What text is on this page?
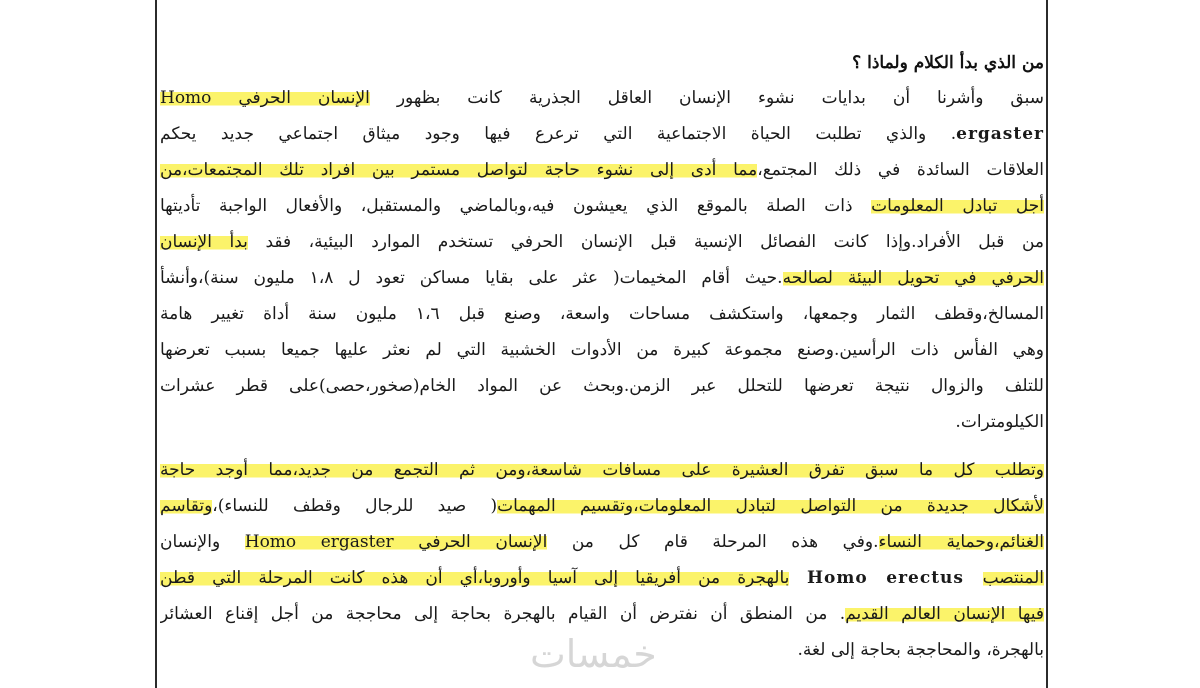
من الذي بدأ الكلام ولماذا ؟
سبق وأشرنا أن بدايات نشوء الإنسان العاقل الجذرية كانت بظهور الإنسان الحرفي Homo
ergaster. والذي تطلبت الحياة الاجتماعية التي ترعرع فيها وجود ميثاق اجتماعي جديد يحكم
العلاقات السائدة في ذلك المجتمع،مما أدى إلى نشوء حاجة لتواصل مستمر بين افراد تلك المجتمعات،من
أجل تبادل المعلومات ذات الصلة بالموقع الذي يعيشون فيه،وبالماضي والمستقبل، والأفعال الواجبة تأديتها
من قبل الأفراد.وإذا كانت الفصائل الإنسية قبل الإنسان الحرفي تستخدم الموارد البيئية، فقد بدأ الإنسان
الحرفي في تحويل البيئة لصالحه.حيث أقام المخيمات( عثر على بقايا مساكن تعود ل ١،٨ مليون سنة)،وأنشأ
المسالخ،وقطف الثمار وجمعها، واستكشف مساحات واسعة، وصنع قبل ١،٦ مليون سنة أداة تغيير هامة
وهي الفأس ذات الرأسين.وصنع مجموعة كبيرة من الأدوات الخشبية التي لم نعثر عليها جميعا بسبب تعرضها
للتلف والزوال نتيجة تعرضها للتحلل عبر الزمن.وبحث عن المواد الخام(صخور،حصى)على قطر عشرات
الكيلومترات.
وتطلب كل ما سبق تفرق العشيرة على مسافات شاسعة،ومن ثم التجمع من جديد،مما أوجد حاجة
لأشكال جديدة من التواصل لتبادل المعلومات،وتقسيم المهمات( صيد للرجال وقطف للنساء)،وتقاسم
الغنائم،وحماية النساء.وفي هذه المرحلة قام كل من الإنسان الحرفي Homo ergaster والإنسان
المنتصب Homo erectus بالهجرة من أفريقيا إلى آسيا وأوروبا،أي أن هذه كانت المرحلة التي قطن
فيها الإنسان العالم القديم. من المنطق أن نفترض أن القيام بالهجرة بحاجة إلى محاججة من أجل إقناع العشائر
بالهجرة، والمحاججة بحاجة إلى لغة.
خمسات
